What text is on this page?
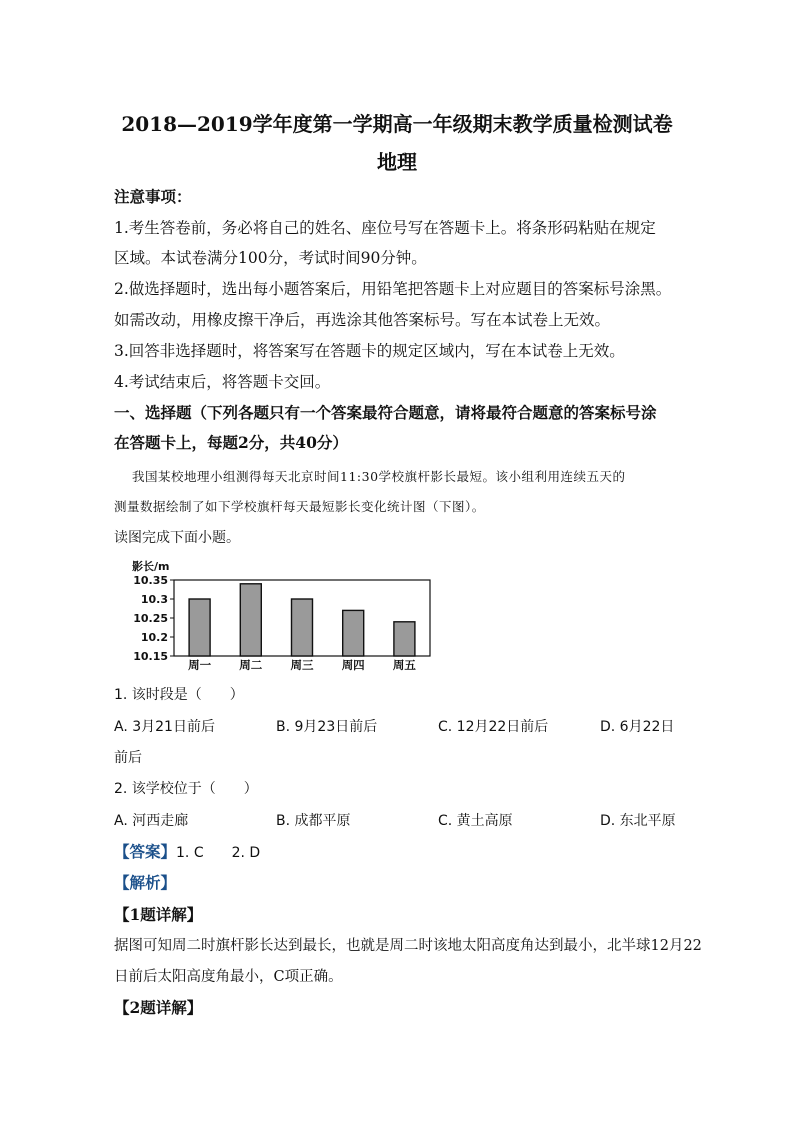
2018—2019学年度第一学期高一年级期末教学质量检测试卷
地理
注意事项：
1.考生答卷前，务必将自己的姓名、座位号写在答题卡上。将条形码粘贴在规定
区域。本试卷满分100分，考试时间90分钟。
2.做选择题时，选出每小题答案后，用铅笔把答题卡上对应题目的答案标号涂黑。
如需改动，用橡皮擦干净后，再选涂其他答案标号。写在本试卷上无效。
3.回答非选择题时，将答案写在答题卡的规定区域内，写在本试卷上无效。
4.考试结束后，将答题卡交回。
一、选择题（下列各题只有一个答案最符合题意，请将最符合题意的答案标号涂
在答题卡上，每题2分，共40分）
我国某校地理小组测得每天北京时间11:30学校旗杆影长最短。该小组利用连续五天的
测量数据绘制了如下学校旗杆每天最短影长变化统计图（下图）。
读图完成下面小题。
影长/m
10.35
10.3
10.25
10.2
10.15
周一 周二 周三 周四 周五
1. 该时段是（　　）
A. 3月21日前后	B. 9月23日前后	C. 12月22日前后	D. 6月22日
前后
2. 该学校位于（　　）
A. 河西走廊	B. 成都平原	C. 黄土高原	D. 东北平原
【答案】1. C　　2. D
【解析】
【1题详解】
据图可知周二时旗杆影长达到最长，也就是周二时该地太阳高度角达到最小，北半球12月22
日前后太阳高度角最小，C项正确。
【2题详解】
